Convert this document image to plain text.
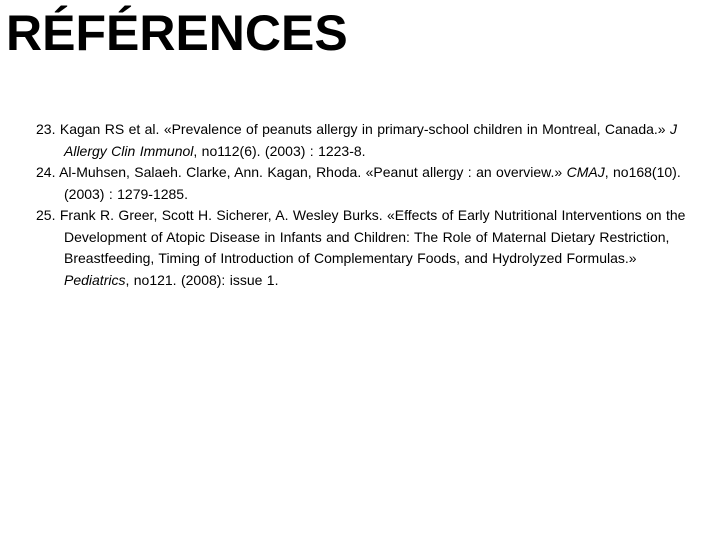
RÉFÉRENCES
23. Kagan RS et al. «Prevalence of peanuts allergy in primary-school children in Montreal, Canada.» J Allergy Clin Immunol, no112(6). (2003) : 1223-8.
24. Al-Muhsen, Salaeh. Clarke, Ann. Kagan, Rhoda. «Peanut allergy : an overview.» CMAJ, no168(10). (2003) : 1279-1285.
25. Frank R. Greer, Scott H. Sicherer, A. Wesley Burks. «Effects of Early Nutritional Interventions on the Development of Atopic Disease in Infants and Children: The Role of Maternal Dietary Restriction, Breastfeeding, Timing of Introduction of Complementary Foods, and Hydrolyzed Formulas.» Pediatrics, no121. (2008): issue 1.
